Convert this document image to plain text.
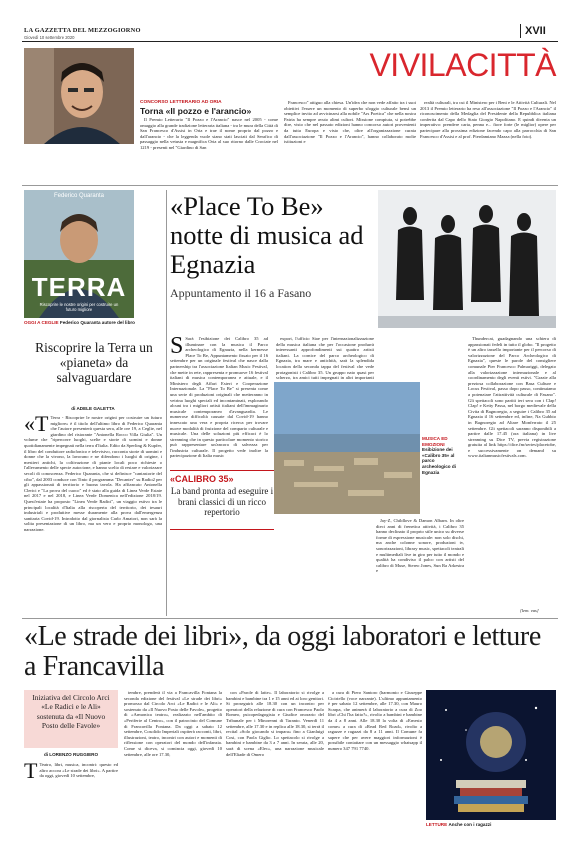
LA GAZZETTA DEL MEZZOGIORNO
Giovedì 10 settembre 2020
XVII
VIVILACITTÀ
CONCORSO LETTERARIO AD ORIA
Torna «Il pozzo e l'arancio»

Il Premio Letterario "Il Pozzo e l'Arancio" nasce nel 2005 - come omaggio alla grande tradizione letteraria italiana - tra le mura della Città di San Francesco d'Assisi in Oria e trae il nome proprio dal pozzo e dall'arancio - che la leggenda vuole siano stati lasciati dal Serafico di passaggio nella vetusta e magnifica Oria al suo ritorno dalle Crociate nel 1219 - presenti nel "Giardino di San

Francesco" attiguo alla chiesa. Un'idea che non vede affatto tra i suoi obiettivi l'essere un momento di superbo sfoggio culturale bensì un semplice invito ad avvicinarsi alla nobile "Ars Poetica" che nella nostra Patria ha sempre avuto alimi cultori. Missione compiuta, si potrebbe dire, visto che nel passato edizioni hanno concorso autori provenienti da tutta Europa e visto che, oltre all'organizzazione curata dall'associazione "Il Pozzo e l'Arancio", hanno collaborato molte istituzioni e

realtà culturali, tra cui il Ministero per i Beni e le Attività Culturali. Nel 2013 il Premio letterario ha reso all'associazione "Il Pozzo e l'Arancio" il riconoscimento della Medaglia del Presidente della Repubblica italiana conferita dal Capo dello Stato Giorgio Napolitano. E quindi diventa un imperativo: prendere carta, penna e... fiore forte (le miglior) opere per partecipare alla prossima edizione facendo capo alla parrocchia di San Francesco d'Assisi e al prof. Pierdamiano Mazza (nella foto).

Federico Quaranta
TERRA
Riscoprire le nostre origini per costruire un futuro migliore
OGGI A CEGLIE Federico Quaranta autore del libro
Riscoprire la Terra un «pianeta» da salvaguardare
di ADELE GALETTA
«T Terra - Riscoprire le nostre origini per costruire un futuro migliore» è il titolo dell'ultimo libro di Federico Quaranta che l'autore presenterà questa sera, alle ore 19, a Ceglie, nel giardino del ristorante "Antonella Rocco Villa Giulia". Un volume che "ripercorre luoghi, scelte e storie di uomini e donne quotidianamente impegnati nella terra d'Italia. Edito da Sperling & Kupfer, il libro del conduttore radiofonico e televisivo, racconta storie di uomini e donne che la vivono, la lavorano e ne difendono i luoghi di origine, i mestieri antichi, la coltivazione di piante locali poco richieste o l'allevamento delle specie autoctone, e hanno scelto di restare e valorizzare secoli di conoscenza. Federico Quaranta, che si definisce "cantastorie del cibo", dal 2003 conduce con Tinto il programma "Decanter" su Radio2 per gli appassionati di territorio e buona tavola. Ha affiancato Antonella Clerici e "La prova del cuoco" ed è stato alla guida di Linea Verde Estate nel 2017 e nel 2018, e Linea Verde Domenica nell'edizione 2018/19. Quest'estate ha proposto "Linea Verde Radici", un viaggio estivo tra le principali località d'Italia alla riscoperta del territorio, dei tesauri industriali e produttive messe duramente alla prova dall'emergenza sanitaria Covid-19. Introdotto dal giornalista Carlo Amatori, non sarà la solita presentazione di un libro, ma un vero e proprio monologo, una narrazione.
«Place To Be» notte di musica ad Egnazia
Appuntamento il 16 a Fasano
S Sarà l'esibizione dei Calibro 35 ad illuminare con la musica il Parco archeologico di Egnazia, nella kermesse Place To Be, Appuntamento fissato per il 16 settembre per un originale festival che nasce dalla partnership tra l'associazione Italian Music Festival, che mette in rete, rappresenta e promuove 16 festival italiani di musica contemporanea e attuale, e il Ministero degli Affari Esteri e Cooperazione Internazionale. La "Place To Be" si presenta come una serie di produzioni originali che metteranno in vetrina luoghi speciali ed incontaminati, esplorando alcuni tra i migliori artisti italiani dell'immaginario musicale contemporaneo d'avanguardia. Le numerose difficoltà causate dal Covid-19 hanno innescato una vera e propria ricerca per trovare nuove modalità di fruizione del comparto culturale e musicale. Una delle soluzioni più efficaci è lo streaming che in questo particolare momento storico può rappresentare un'ancora di salvezza per l'industria culturale. Il progetto vede inoltre la partecipazione di Italia music
«CALIBRO 35»
La band pronta ad eseguire i brani classici di un ricco repertorio

export, l'ufficio Siae per l'internazionalizzazione della musica italiana che per l'occasione produrrà interessanti approfondimenti sui quattro artisti italiani. La cornice del parco archeologico di Egnazia, tra mare e antichità, sarà la splendida location della seconda tappa del festival che vede protagonisti i Calibro 35. Un gruppo nato quasi per scherzo, tra amici tutti impegnati in altri importanti

MUSICA ED EMOZIONI
Esibizione dei «Calibro 35» al parco archeologico di Egnazia

Jay-Z, Childlove & Damon Albarn. In oltre dieci anni di frenetica attività, i Calibro 35 hanno declinato il proprio stile unico su diverse forme di espressione musicale: non solo dischi, ma anche colonne sonore, produzioni tv, sonorizzazioni, library music, spettacoli teatrali e multimediali live in giro per tutto il mondo e qualità ha condiviso il palco con artisti del calibro di Muse, Stereo Jones, Sun Ra Arkestra e

Thundercat, guadagnando una schiera di appassionati fedeli in tutto il globo. "Il progetto è un altro tassello importante per il percorso di valorizzazione del Parco Archeologico di Egnazia", queste le parole del consigliere comunale Pier Francesco Palmariggi, delegato alla valorizzazione internazionale e al coordinamento degli eventi estivi. "Grazie alla preziosa collaborazione con Basa Culture e Locus Festival, passo dopo passo, continuiamo a potenziare l'attrattività culturale di Fasano". Gli spettacoli sono partiti ieri sera con i Clap! Clap! e Ketty Passa, nel borgo medievale della Civita di Bagnoregio, a seguire i Calibro 35 ad Egnazia il 16 settembre ed, infine, Na Gubbio in Bagnoregio ad Altare Monferrato il 25 settembre. Gli spettacoli saranno disponibili a partire dalle 17.45 (ora italiana) in live streaming su Dice TV, previa registrazione gratuita al link https://dice.fm/series/placetobe, e successivamente on demand su www.italianmusicfestivals.com.

[lem. vas]
«Le strade dei libri», da oggi laboratori e letture a Francavilla
Iniziativa del Circolo Arci «Le Radici e le Ali» sostenuta da «Il Nuovo Posto delle Favole»
di LORENZO RUGGIERO
T Teatro, libri, musica, incontri: questo ed altro accora «Le strade dei libri». A partire da oggi, giovedì 10 settembre,

tembre, prenderà il via a Francavilla Fontana la seconda edizione del festival «Le strade dei libri» promosso dal Circolo Arci «Le Radici e le Ali» e sostenuto da «Il Nuovo Posto delle Favole», progetto di «Armonica teatro», realizzato nell'ambito di «Periferie al Centro», con il patrocinio del Comune di Francavilla Fontana. Da oggi a sabato 12 settembre, Cosolido Imperiali ospiterà racconti, libri, illustrazioni, teatro, incontri con autori e momenti di riflessione con operatori del mondo dell'infanzia. Come si diceva, si comincia oggi, giovedì 10 settembre, alle ore 17.30,

con «Parole di latte». Il laboratorio si rivolge a bambini e bambine tra 1 e 15 anni ed ai loro genitori. Si proseguirà alle 18.30 con un incontro per operatori della relazione di cura con Francesco Paolo Romeo, psicopedagogista e Giudice onorario del Tribunale per i Minorenni di Taranto. Venerdì 11 settembre, alle 17.30 e in replica alle 18.30, si terrà il recital «Solo giocando si impara» fino a Gianluigi Cosi, con Paola Giglio. Lo spettacolo si rivolge a bambini e bambine da 3 a 7 anni. In serata, alle 20, sarà di scena «Elec», una narrazione musicale dell'Eliade di Omero

a cura di Piero Santoro (harmonio e Giuseppe Ciciriello (voce narrante). L'ultimo appuntamento è per sabato 12 settembre, alle 17.30, con Mauro Scarpa, che animerà il laboratorio a cura di Zoo libri «Chi l'ha fatto?», rivolto a bambini e bambine da 4 a 8 anni. Alle 18.30 la volta di «Ernesto come» a cura di «Read Red Road», rivolto a ragazze e ragazzi da 8 a 11 anni. Il Comune fa sapere che per avere maggiori informazioni è possibile contattare con un messaggio whatsapp il numero 347 791 7740.

LETTURE Anche con i ragazzi
